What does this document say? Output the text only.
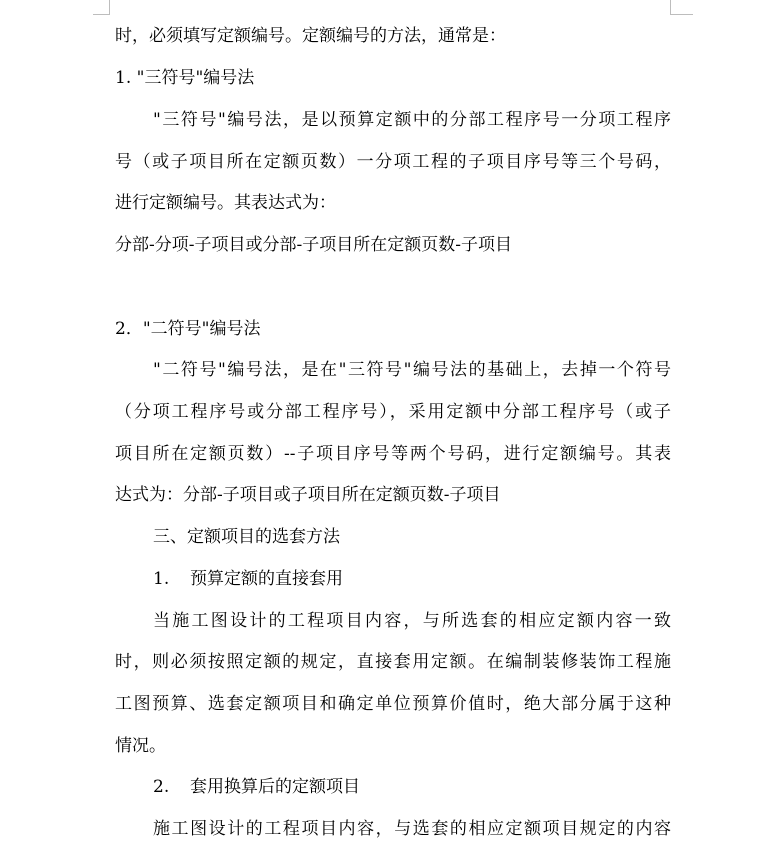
时，必须填写定额编号。定额编号的方法，通常是：
1. "三符号"编号法
"三符号"编号法，是以预算定额中的分部工程序号一分项工程序
号（或子项目所在定额页数）一分项工程的子项目序号等三个号码，
进行定额编号。其表达式为：
分部-分项-子项目或分部-子项目所在定额页数-子项目
2．"二符号"编号法
"二符号"编号法，是在"三符号"编号法的基础上，去掉一个符号
（分项工程序号或分部工程序号），采用定额中分部工程序号（或子
项目所在定额页数）--子项目序号等两个号码，进行定额编号。其表
达式为：分部-子项目或子项目所在定额页数-子项目
三、定额项目的选套方法
1. 预算定额的直接套用
当施工图设计的工程项目内容，与所选套的相应定额内容一致
时，则必须按照定额的规定，直接套用定额。在编制装修装饰工程施
工图预算、选套定额项目和确定单位预算价值时，绝大部分属于这种
情况。
2. 套用换算后的定额项目
施工图设计的工程项目内容，与选套的相应定额项目规定的内容
